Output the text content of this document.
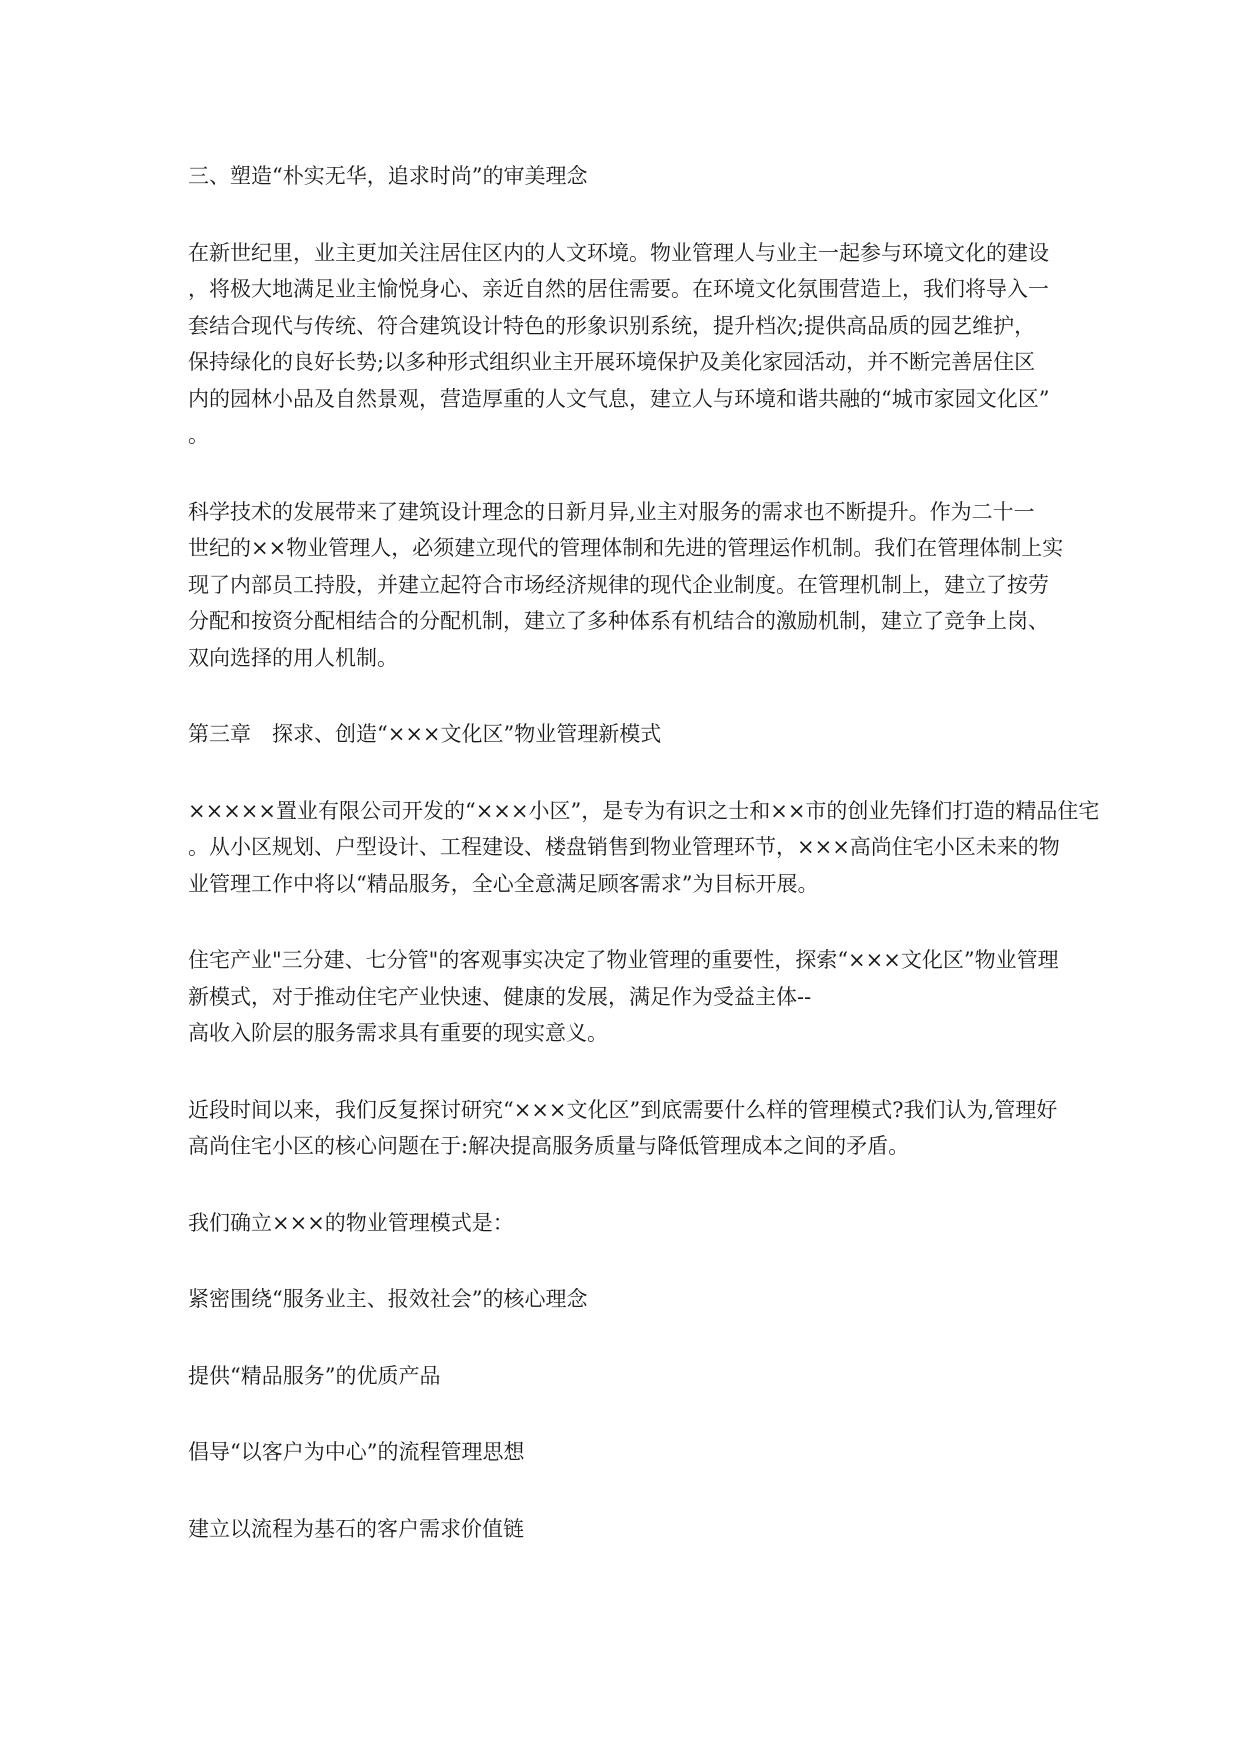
三、塑造“朴实无华，追求时尚”的审美理念
在新世纪里，业主更加关注居住区内的人文环境。物业管理人与业主一起参与环境文化的建设
，将极大地满足业主愉悦身心、亲近自然的居住需要。在环境文化氛围营造上，我们将导入一
套结合现代与传统、符合建筑设计特色的形象识别系统，提升档次;提供高品质的园艺维护，
保持绿化的良好长势;以多种形式组织业主开展环境保护及美化家园活动，并不断完善居住区
内的园林小品及自然景观，营造厚重的人文气息，建立人与环境和谐共融的“城市家园文化区”
。
科学技术的发展带来了建筑设计理念的日新月异,业主对服务的需求也不断提升。作为二十一
世纪的××物业管理人，必须建立现代的管理体制和先进的管理运作机制。我们在管理体制上实
现了内部员工持股，并建立起符合市场经济规律的现代企业制度。在管理机制上，建立了按劳
分配和按资分配相结合的分配机制，建立了多种体系有机结合的激励机制，建立了竞争上岗、
双向选择的用人机制。
第三章　探求、创造“×××文化区”物业管理新模式
×××××置业有限公司开发的“×××小区”，是专为有识之士和××市的创业先锋们打造的精品住宅
。从小区规划、户型设计、工程建设、楼盘销售到物业管理环节，×××高尚住宅小区未来的物
业管理工作中将以“精品服务，全心全意满足顾客需求”为目标开展。
住宅产业"三分建、七分管"的客观事实决定了物业管理的重要性，探索“×××文化区”物业管理
新模式，对于推动住宅产业快速、健康的发展，满足作为受益主体--
高收入阶层的服务需求具有重要的现实意义。
近段时间以来，我们反复探讨研究“×××文化区”到底需要什么样的管理模式?我们认为,管理好
高尚住宅小区的核心问题在于:解决提高服务质量与降低管理成本之间的矛盾。
我们确立×××的物业管理模式是：
紧密围绕“服务业主、报效社会”的核心理念
提供“精品服务”的优质产品
倡导“以客户为中心”的流程管理思想
建立以流程为基石的客户需求价值链
